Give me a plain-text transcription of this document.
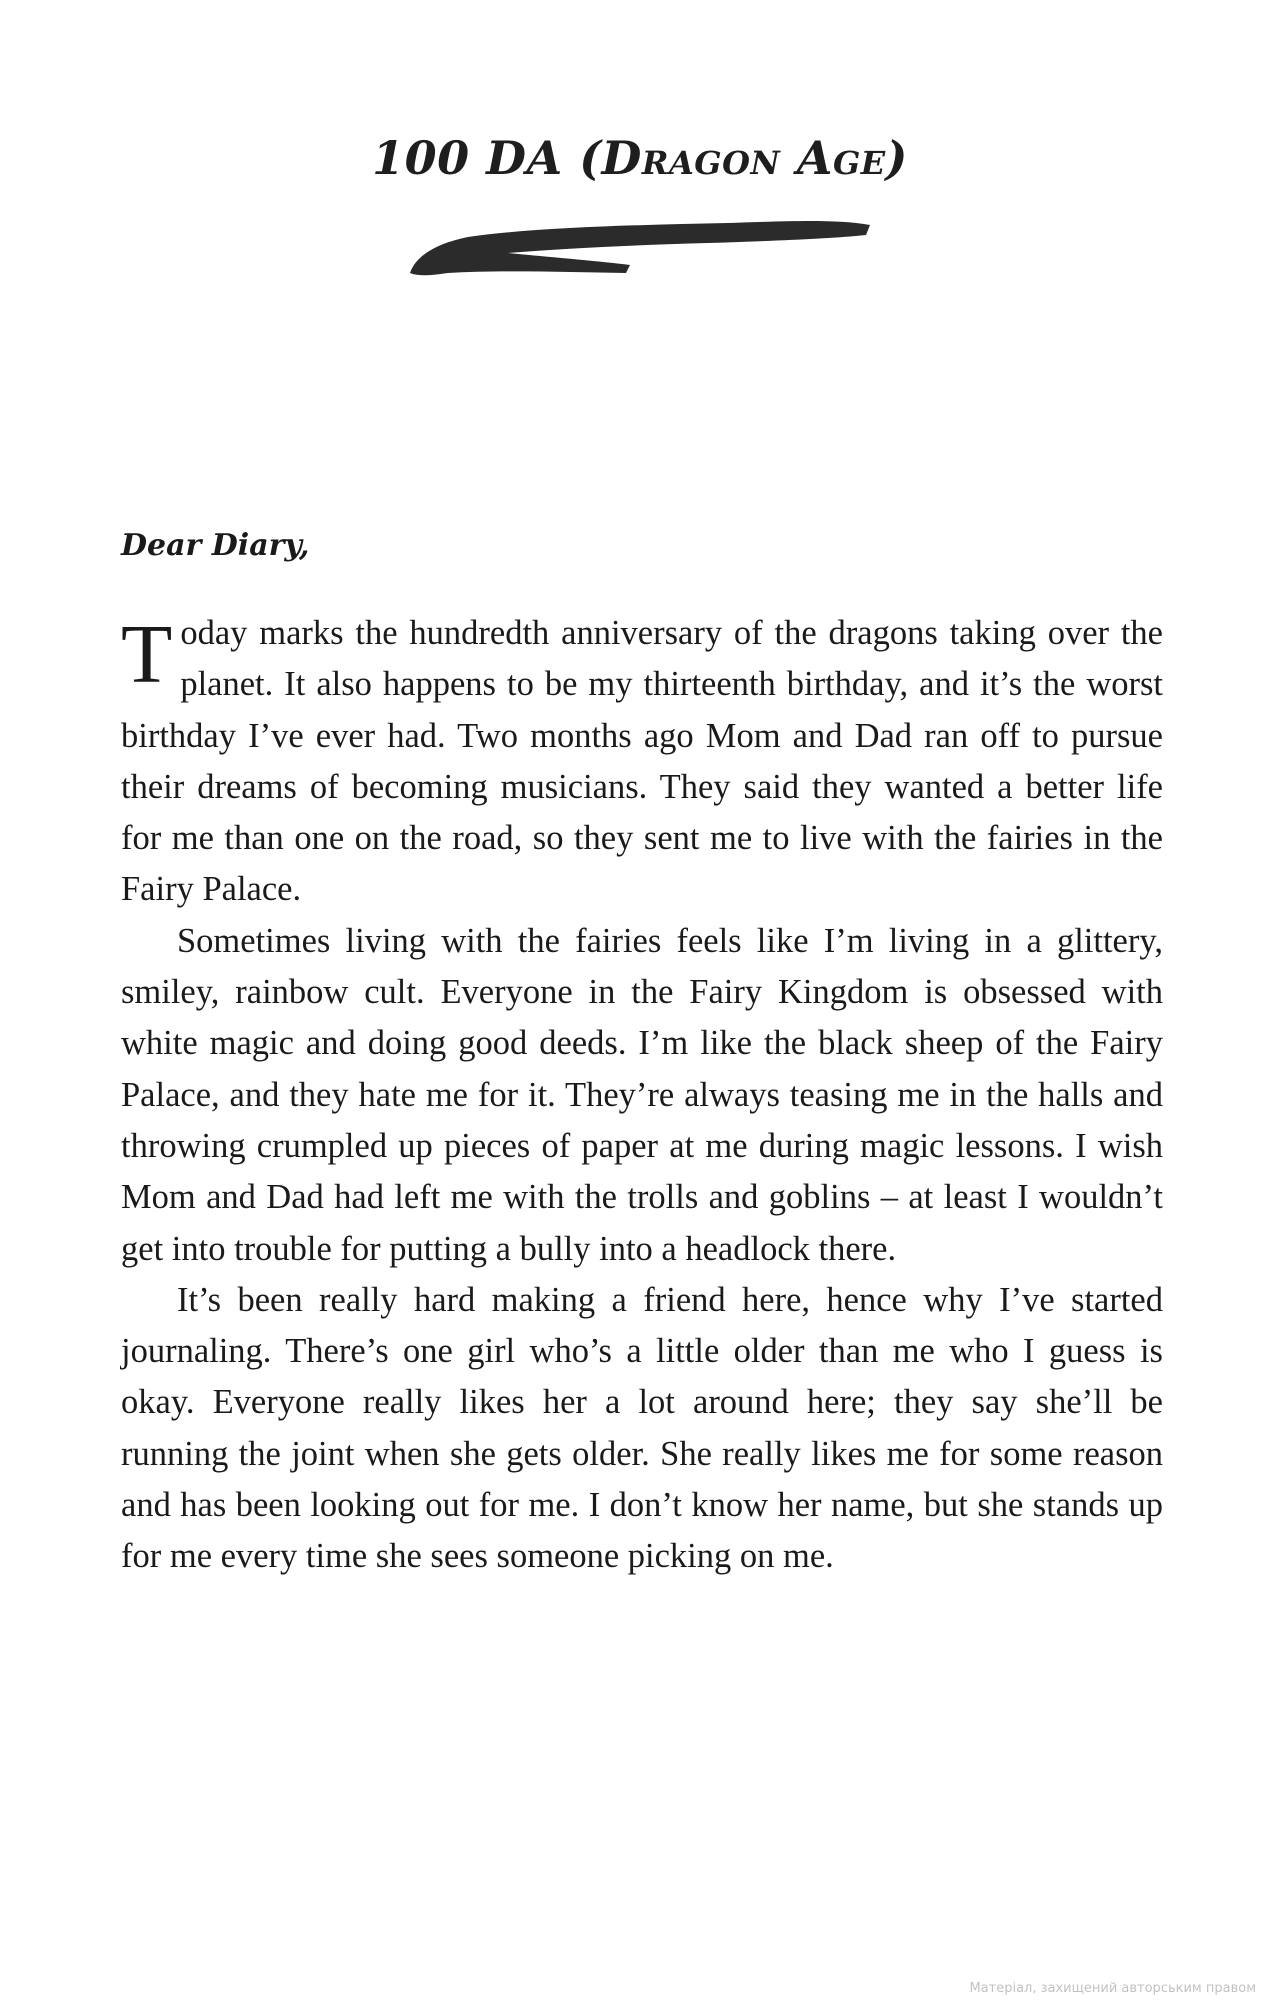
100 DA (Dragon Age)

Dear Diary,

Today marks the hundredth anniversary of the dragons taking over the planet. It also happens to be my thirteenth birthday, and it’s the worst birthday I’ve ever had. Two months ago Mom and Dad ran off to pursue their dreams of becoming musicians. They said they wanted a better life for me than one on the road, so they sent me to live with the fairies in the Fairy Palace.

Sometimes living with the fairies feels like I’m living in a glittery, smiley, rainbow cult. Everyone in the Fairy Kingdom is obsessed with white magic and doing good deeds. I’m like the black sheep of the Fairy Palace, and they hate me for it. They’re always teasing me in the halls and throwing crumpled up pieces of paper at me during magic lessons. I wish Mom and Dad had left me with the trolls and goblins – at least I wouldn’t get into trouble for putting a bully into a headlock there.

It’s been really hard making a friend here, hence why I’ve started journaling. There’s one girl who’s a little older than me who I guess is okay. Everyone really likes her a lot around here; they say she’ll be running the joint when she gets older. She really likes me for some reason and has been looking out for me. I don’t know her name, but she stands up for me every time she sees someone picking on me.

Матеріал, захищений авторським правом
